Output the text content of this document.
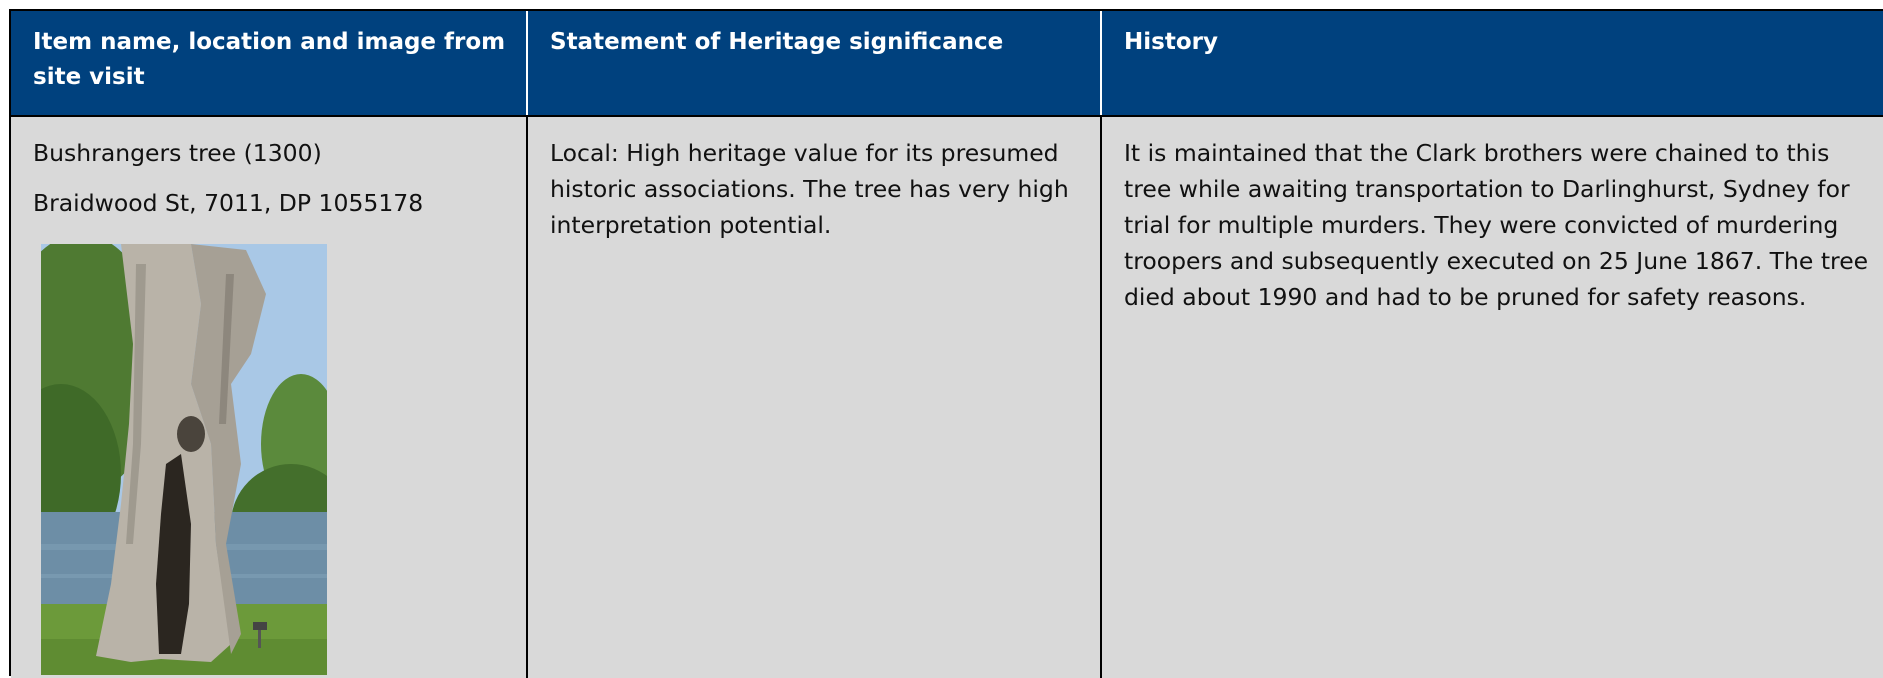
Item name, location and image from site visit
Statement of Heritage significance	History

Bushrangers tree (1300)

Braidwood St, 7011, DP 1055178

Local: High heritage value for its presumed historic associations. The tree has very high interpretation potential.
It is maintained that the Clark brothers were chained to this tree while awaiting transportation to Darlinghurst, Sydney for trial for multiple murders. They were convicted of murdering troopers and subsequently executed on 25 June 1867. The tree died about 1990 and had to be pruned for safety reasons.
